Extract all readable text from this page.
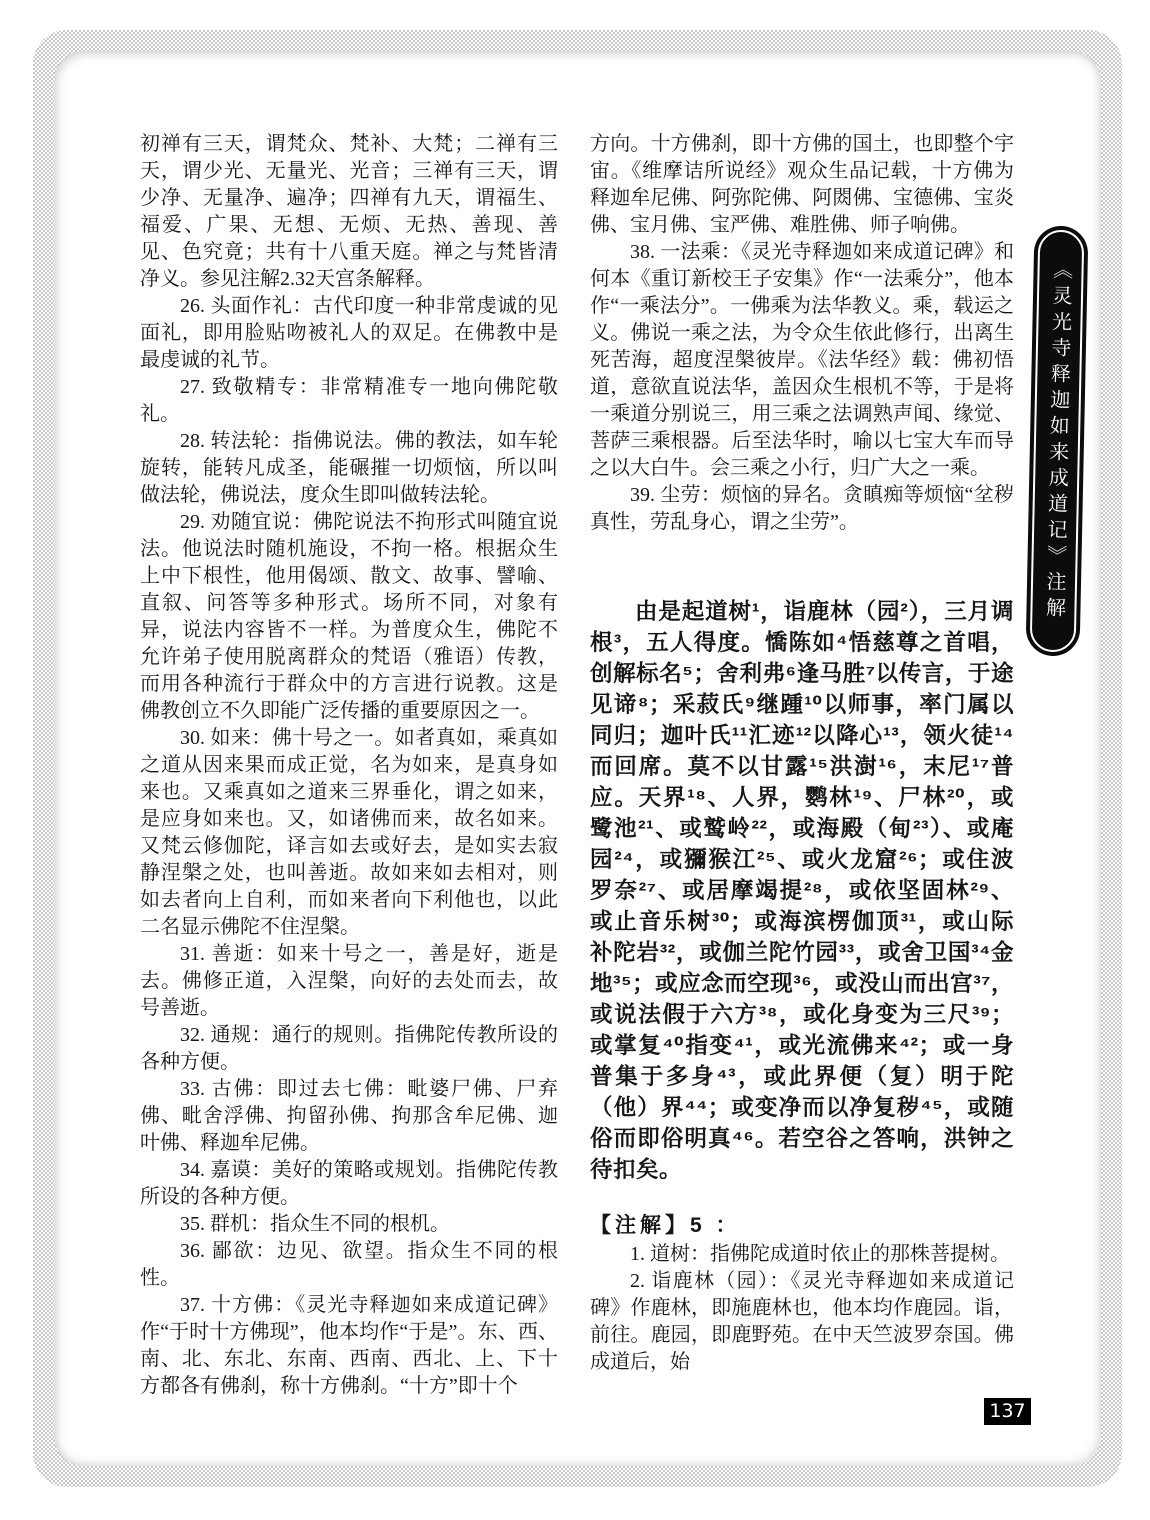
初禅有三天，谓梵众、梵补、大梵；二禅有三天，谓少光、无量光、光音；三禅有三天，谓少净、无量净、遍净；四禅有九天，谓福生、福爱、广果、无想、无烦、无热、善现、善见、色究竟；共有十八重天庭。禅之与梵皆清净义。参见注解2.32天宫条解释。

26. 头面作礼：古代印度一种非常虔诚的见面礼，即用脸贴吻被礼人的双足。在佛教中是最虔诚的礼节。

27. 致敬精专：非常精准专一地向佛陀敬礼。

28. 转法轮：指佛说法。佛的教法，如车轮旋转，能转凡成圣，能碾摧一切烦恼，所以叫做法轮，佛说法，度众生即叫做转法轮。

29. 劝随宜说：佛陀说法不拘形式叫随宜说法。他说法时随机施设，不拘一格。根据众生上中下根性，他用偈颂、散文、故事、譬喻、直叙、问答等多种形式。场所不同，对象有异，说法内容皆不一样。为普度众生，佛陀不允许弟子使用脱离群众的梵语（雅语）传教，而用各种流行于群众中的方言进行说教。这是佛教创立不久即能广泛传播的重要原因之一。

30. 如来：佛十号之一。如者真如，乘真如之道从因来果而成正觉，名为如来，是真身如来也。又乘真如之道来三界垂化，谓之如来，是应身如来也。又，如诸佛而来，故名如来。又梵云修伽陀，译言如去或好去，是如实去寂静涅槃之处，也叫善逝。故如来如去相对，则如去者向上自利，而如来者向下利他也，以此二名显示佛陀不住涅槃。

31. 善逝：如来十号之一，善是好，逝是去。佛修正道，入涅槃，向好的去处而去，故号善逝。

32. 通规：通行的规则。指佛陀传教所设的各种方便。

33. 古佛：即过去七佛：毗婆尸佛、尸弃佛、毗舍浮佛、拘留孙佛、拘那含牟尼佛、迦叶佛、释迦牟尼佛。

34. 嘉谟：美好的策略或规划。指佛陀传教所设的各种方便。

35. 群机：指众生不同的根机。

36. 鄙欲：边见、欲望。指众生不同的根性。

37. 十方佛：《灵光寺释迦如来成道记碑》作“于时十方佛现”，他本均作“于是”。东、西、南、北、东北、东南、西南、西北、上、下十方都各有佛刹，称十方佛刹。“十方”即十个

方向。十方佛刹，即十方佛的国土，也即整个宇宙。《维摩诘所说经》观众生品记载，十方佛为释迦牟尼佛、阿弥陀佛、阿閦佛、宝德佛、宝炎佛、宝月佛、宝严佛、难胜佛、师子响佛。

38. 一法乘：《灵光寺释迦如来成道记碑》和何本《重订新校王子安集》作“一法乘分”，他本作“一乘法分”。一佛乘为法华教义。乘，载运之义。佛说一乘之法，为令众生依此修行，出离生死苦海，超度涅槃彼岸。《法华经》载：佛初悟道，意欲直说法华，盖因众生根机不等，于是将一乘道分别说三，用三乘之法调熟声闻、缘觉、菩萨三乘根器。后至法华时，喻以七宝大车而导之以大白牛。会三乘之小行，归广大之一乘。

39. 尘劳：烦恼的异名。贪瞋痴等烦恼“坌秽真性，劳乱身心，谓之尘劳”。

由是起道树¹，诣鹿林（园²），三月调根³，五人得度。憍陈如⁴悟慈尊之首唱，创解标名⁵；舍利弗⁶逢马胜⁷以传言，于途见谛⁸；采菽氏⁹继踵¹⁰以师事，率门属以同归；迦叶氏¹¹汇迹¹²以降心¹³，领火徒¹⁴而回席。莫不以甘露¹⁵洪澍¹⁶，末尼¹⁷普应。天界¹⁸、人界，鹦林¹⁹、尸林²⁰，或鹭池²¹、或鹫岭²²，或海殿（甸²³）、或庵园²⁴，或獼猴江²⁵、或火龙窟²⁶；或住波罗奈²⁷、或居摩竭提²⁸，或依坚固林²⁹、或止音乐树³⁰；或海滨楞伽顶³¹，或山际补陀岩³²，或伽兰陀竹园³³，或舍卫国³⁴金地³⁵；或应念而空现³⁶，或没山而出宫³⁷，或说法假于六方³⁸，或化身变为三尺³⁹；或掌复⁴⁰指变⁴¹，或光流佛来⁴²；或一身普集于多身⁴³，或此界便（复）明于陀（他）界⁴⁴；或变净而以净复秽⁴⁵，或随俗而即俗明真⁴⁶。若空谷之答响，洪钟之待扣矣。

【注解】5 ：

1. 道树：指佛陀成道时依止的那株菩提树。

2. 诣鹿林（园）：《灵光寺释迦如来成道记碑》作鹿林，即施鹿林也，他本均作鹿园。诣，前往。鹿园，即鹿野苑。在中天竺波罗奈国。佛成道后，始

《灵光寺释迦如来成道记》注解
137
